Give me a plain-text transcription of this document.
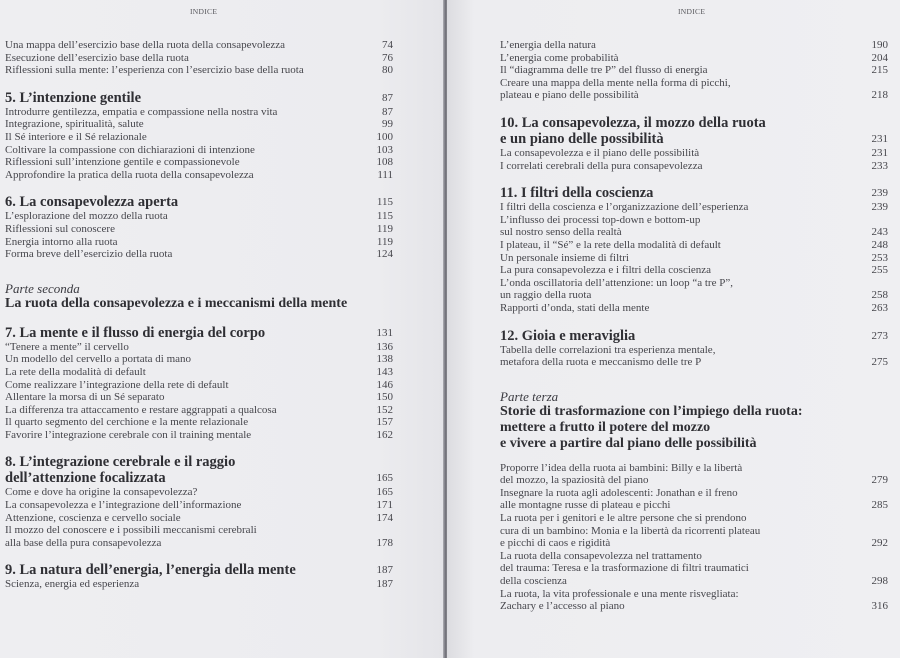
INDICE
Una mappa dell’esercizio base della ruota della consapevolezza	74
Esecuzione dell’esercizio base della ruota	76
Riflessioni sulla mente: l’esperienza con l’esercizio base della ruota	80
5. L’intenzione gentile	87
Introdurre gentilezza, empatia e compassione nella nostra vita	87
Integrazione, spiritualità, salute	99
Il Sé interiore e il Sé relazionale	100
Coltivare la compassione con dichiarazioni di intenzione	103
Riflessioni sull’intenzione gentile e compassionevole	108
Approfondire la pratica della ruota della consapevolezza	111
6. La consapevolezza aperta	115
L’esplorazione del mozzo della ruota	115
Riflessioni sul conoscere	119
Energia intorno alla ruota	119
Forma breve dell’esercizio della ruota	124
Parte seconda
La ruota della consapevolezza e i meccanismi della mente
7. La mente e il flusso di energia del corpo	131
“Tenere a mente” il cervello	136
Un modello del cervello a portata di mano	138
La rete della modalità di default	143
Come realizzare l’integrazione della rete di default	146
Allentare la morsa di un Sé separato	150
La differenza tra attaccamento e restare aggrappati a qualcosa	152
Il quarto segmento del cerchione e la mente relazionale	157
Favorire l’integrazione cerebrale con il training mentale	162
8. L’integrazione cerebrale e il raggio
dell’attenzione focalizzata	165
Come e dove ha origine la consapevolezza?	165
La consapevolezza e l’integrazione dell’informazione	171
Attenzione, coscienza e cervello sociale	174
Il mozzo del conoscere e i possibili meccanismi cerebrali
alla base della pura consapevolezza	178
9. La natura dell’energia, l’energia della mente	187
Scienza, energia ed esperienza	187
INDICE
L’energia della natura	190
L’energia come probabilità	204
Il “diagramma delle tre P” del flusso di energia	215
Creare una mappa della mente nella forma di picchi,
plateau e piano delle possibilità	218
10. La consapevolezza, il mozzo della ruota
e un piano delle possibilità	231
La consapevolezza e il piano delle possibilità	231
I correlati cerebrali della pura consapevolezza	233
11. I filtri della coscienza	239
I filtri della coscienza e l’organizzazione dell’esperienza	239
L’influsso dei processi top-down e bottom-up
sul nostro senso della realtà	243
I plateau, il “Sé” e la rete della modalità di default	248
Un personale insieme di filtri	253
La pura consapevolezza e i filtri della coscienza	255
L’onda oscillatoria dell’attenzione: un loop “a tre P”,
un raggio della ruota	258
Rapporti d’onda, stati della mente	263
12. Gioia e meraviglia	273
Tabella delle correlazioni tra esperienza mentale,
metafora della ruota e meccanismo delle tre P	275
Parte terza
Storie di trasformazione con l’impiego della ruota:
mettere a frutto il potere del mozzo
e vivere a partire dal piano delle possibilità
Proporre l’idea della ruota ai bambini: Billy e la libertà
del mozzo, la spaziosità del piano	279
Insegnare la ruota agli adolescenti: Jonathan e il freno
alle montagne russe di plateau e picchi	285
La ruota per i genitori e le altre persone che si prendono
cura di un bambino: Monia e la libertà da ricorrenti plateau
e picchi di caos e rigidità	292
La ruota della consapevolezza nel trattamento
del trauma: Teresa e la trasformazione di filtri traumatici
della coscienza	298
La ruota, la vita professionale e una mente risvegliata:
Zachary e l’accesso al piano	316
